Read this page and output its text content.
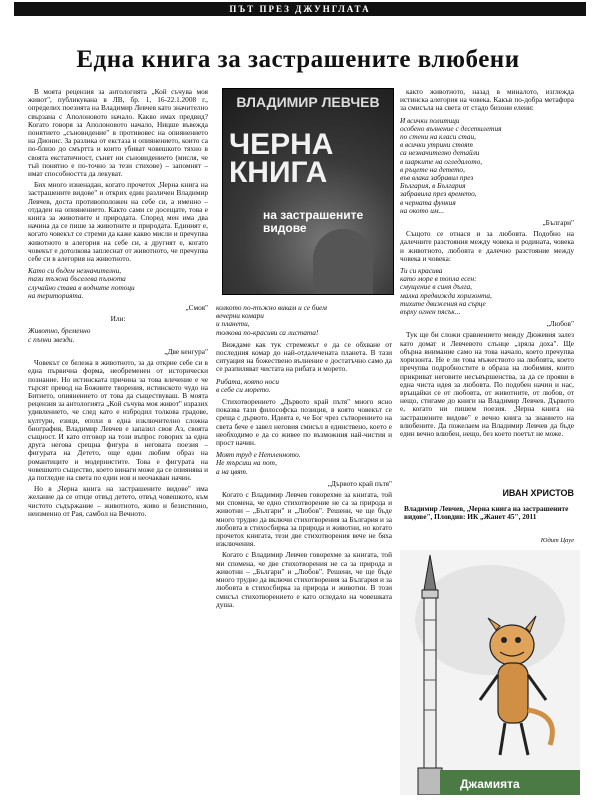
ПЪТ ПРЕЗ ДЖУНГЛАТА
Една книга за застрашените влюбени

В моята рецензия за антологията „Кой съчува моя живот", публикувана в ЛВ, бр. 1, 16-22.1.2008 г., определих поезията на Владимир Левчев като значително свързана с Аполоновото начало. Какво имах предвид? Когато говоря за Аполоновото начало, Ницше въвежда понятието „съновидение" в противовес на опиянението на Дионис. За разлика от екстаза и опиянението, които са по-близо до смъртта и които убиват човешкото тяхно в своята екстатичност, сънят ни съновидението (мисля, че тъй понятно е по-точно за тези стихове) – запомнят – имат способността да лекуват.

Бих много изненадан, когато прочетох „Черна книга на застрашените видове" и открих един различен Владимир Левчев, доста противоположен на себе си, а именно – отдаден на опиянението. Както сами се досещате, това е книга за животните и природата. Според мен има два начина да се пише за животните и природата. Единият е, когато човекът се стреми да каже какво мисли и пречупва животното в алегория на себе си, а другият е, когато човекът е дотолкова заплеснат от животното, че пречупва себе си в алегория на животното.

Като си бъдем незначителни,
тази тъжна бъселева пълнота
случайно става в водните потоци
на територията.

„Смоя"

Или:

Животно, бременно
с пъпни звезди.

„Две кенгура"

Човекът се бележа в животното, за да открие себе си в една първична форма, необременен от исторически познание. Но истинската причина за това влечение е че търсят превод на Божиите творения, истинското чудо на Битието, опиянението от това да съществуваш. В моята рецензия за антологията „Кой съчува моя живот" изразих удивлението, че след като е избродил толкова градове, култури, езици, епохи в една изключително сложна биография, Владимир Левчев е запазил своя Аз, своята същност. И като отговор на този въпрос говорих за една друга негова срещна фигура в неговата поезия – фигурата на Детето, още един любим образ на романтиците и модернистите. Това е фигурата на човешкото същество, което винаги може да се опиянява и да погледне на света по един нов и неочакван начин.

Но в „Черна книга на застрашените видове" има желание да се отиде отвъд детето, отвъд човешкото, към чистото съдържание – животното, живо и безистинно, неизменно от Рая, самбол на Вечното.

ВЛАДИМИР ЛЕВЧЕВ
ЧЕРНА КНИГА
на застрашените видове

колкото по-тъжно викам и се бием
вечерни комари
и планети,
толкова по-красиви са листата!

Виждаме как тук стремежът е да се обхване от последния комар до най-отдалечената планета. В тази ситуация на божествено вълнение е достатъчно само да се разпиляват чистата на рибата и морето.

Рибата, която носи
в себе си морето.

Стихотворението „Дървото край пътя" много ясно показва тази философска позиция, в която човекът се среща с дървото. Идеята е, че Бог чрез сътворението на света бече е завел неговия смисъл в единствено, което е необходимо е да со живее по възможния най-чистия и прост начин.

Моят труд е Нетленното.
Не търсиш на пот,
а на цвят.

„Дървото край пътя"

Когато с Владимир Левчев говорехме за книгата, той ми спомена, че едно стихотворение не са за природа и животни – „Българи" и „Любов". Решени, че ще бъде много трудно да включи стихотворения за България и за любовта в стихосбирка за природа и животни, но когато прочетох книгата, тези две стихотворения вече не бяха изключения.

Когато с Владимир Левчев говорехме за книгата, той ми спомена, че две стихотворения не са за природа и животни – „Българи" и „Любов". Решени, че ще бъде много трудно да включи стихотворения за България и за любовта в стихосбирка за природа и животни. В този смисъл стихотворението е като огледало на човешката душа.

както животното, назад в миналото, изглежда истинска алегория на човека. Какъв по-добра метафора за смисъла на света от стадо бизони елени:

И всички политици
особено вълнение с десетилетия
по стени на класи стаи,
в всички утрини стоят
са незначително детайли
в шарките на огледалото,
в ръцете на детето,
във влака забравил през
България, в България
забравила през времето,
в черната функия
на окото им...

„Българи"

Същото се отнася и за любовта. Подобно на далечните разстояния между човека и родината, човека и животното, любовта е далечно разстояние между човека и човека:

Ти си красива
като море в топла есен:
смущение в синя дълга,
малка предвижда хоризонта,
тихите движения на сърце
върху огнен пясък...

„Любов"

Тук ще би сложи сравнението между Дюжевия залез като домат и Левчевото слънце „зряла доха". Ще обърна внимание само на това начало, което пречупва хоризонта. Не е ли това мъжеството на любовта, което пречупва подробностите в образа на любимия, които прикриват неговите несъвършенства, за да се прояви в една чиста идея за любовта. По подобен начин и нас, връщайки се от любовта, от животните, от любов, от нещо, стигаме до книги на Владимир Левчев. Дървото е, когато ни пишем поезия. „Черна книга на застрашените видове" е вечно книга за знанието на влюбените. Да пожелаем на Владимир Левчев да бъде един вечно влюбен, нещо, без което поетът не може.

ИВАН ХРИСТОВ
Владимир Левчев, „Черна книга на застрашените видове", Пловдив: ИК „Жанет 45", 2011
Юдит Цауе
Джамията
